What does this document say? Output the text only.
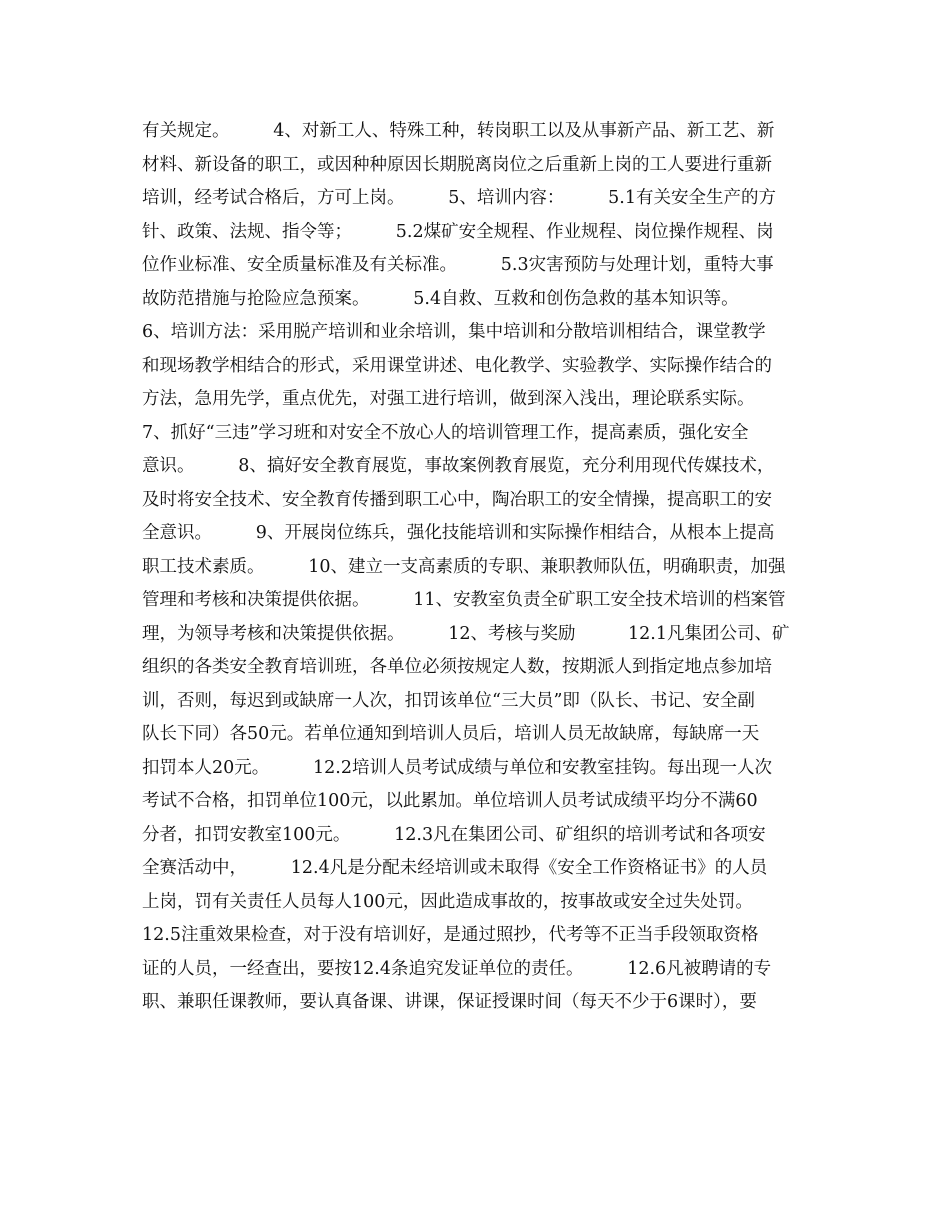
有关规定。　　　4、对新工人、特殊工种，转岗职工以及从事新产品、新工艺、新
材料、新设备的职工，或因种种原因长期脱离岗位之后重新上岗的工人要进行重新
培训，经考试合格后，方可上岗。　　　5、培训内容：　　　5.1有关安全生产的方
针、政策、法规、指令等；　　　5.2煤矿安全规程、作业规程、岗位操作规程、岗
位作业标准、安全质量标准及有关标准。　　　5.3灾害预防与处理计划，重特大事
故防范措施与抢险应急预案。　　　5.4自救、互救和创伤急救的基本知识等。
6、培训方法：采用脱产培训和业余培训，集中培训和分散培训相结合，课堂教学
和现场教学相结合的形式，采用课堂讲述、电化教学、实验教学、实际操作结合的
方法，急用先学，重点优先，对强工进行培训，做到深入浅出，理论联系实际。
7、抓好“三违”学习班和对安全不放心人的培训管理工作，提高素质，强化安全
意识。　　　8、搞好安全教育展览，事故案例教育展览，充分利用现代传媒技术，
及时将安全技术、安全教育传播到职工心中，陶冶职工的安全情操，提高职工的安
全意识。　　　9、开展岗位练兵，强化技能培训和实际操作相结合，从根本上提高
职工技术素质。　　　10、建立一支高素质的专职、兼职教师队伍，明确职责，加强
管理和考核和决策提供依据。　　　11、安教室负责全矿职工安全技术培训的档案管
理，为领导考核和决策提供依据。　　　12、考核与奖励　　　12.1凡集团公司、矿
组织的各类安全教育培训班，各单位必须按规定人数，按期派人到指定地点参加培
训，否则，每迟到或缺席一人次，扣罚该单位“三大员”即（队长、书记、安全副
队长下同）各50元。若单位通知到培训人员后，培训人员无故缺席，每缺席一天
扣罚本人20元。　　　12.2培训人员考试成绩与单位和安教室挂钩。每出现一人次
考试不合格，扣罚单位100元，以此累加。单位培训人员考试成绩平均分不满60
分者，扣罚安教室100元。　　　12.3凡在集团公司、矿组织的培训考试和各项安
全赛活动中，　　　12.4凡是分配未经培训或未取得《安全工作资格证书》的人员
上岗，罚有关责任人员每人100元，因此造成事故的，按事故或安全过失处罚。
12.5注重效果检查，对于没有培训好，是通过照抄，代考等不正当手段领取资格
证的人员，一经查出，要按12.4条追究发证单位的责任。　　　12.6凡被聘请的专
职、兼职任课教师，要认真备课、讲课，保证授课时间（每天不少于6课时），要
